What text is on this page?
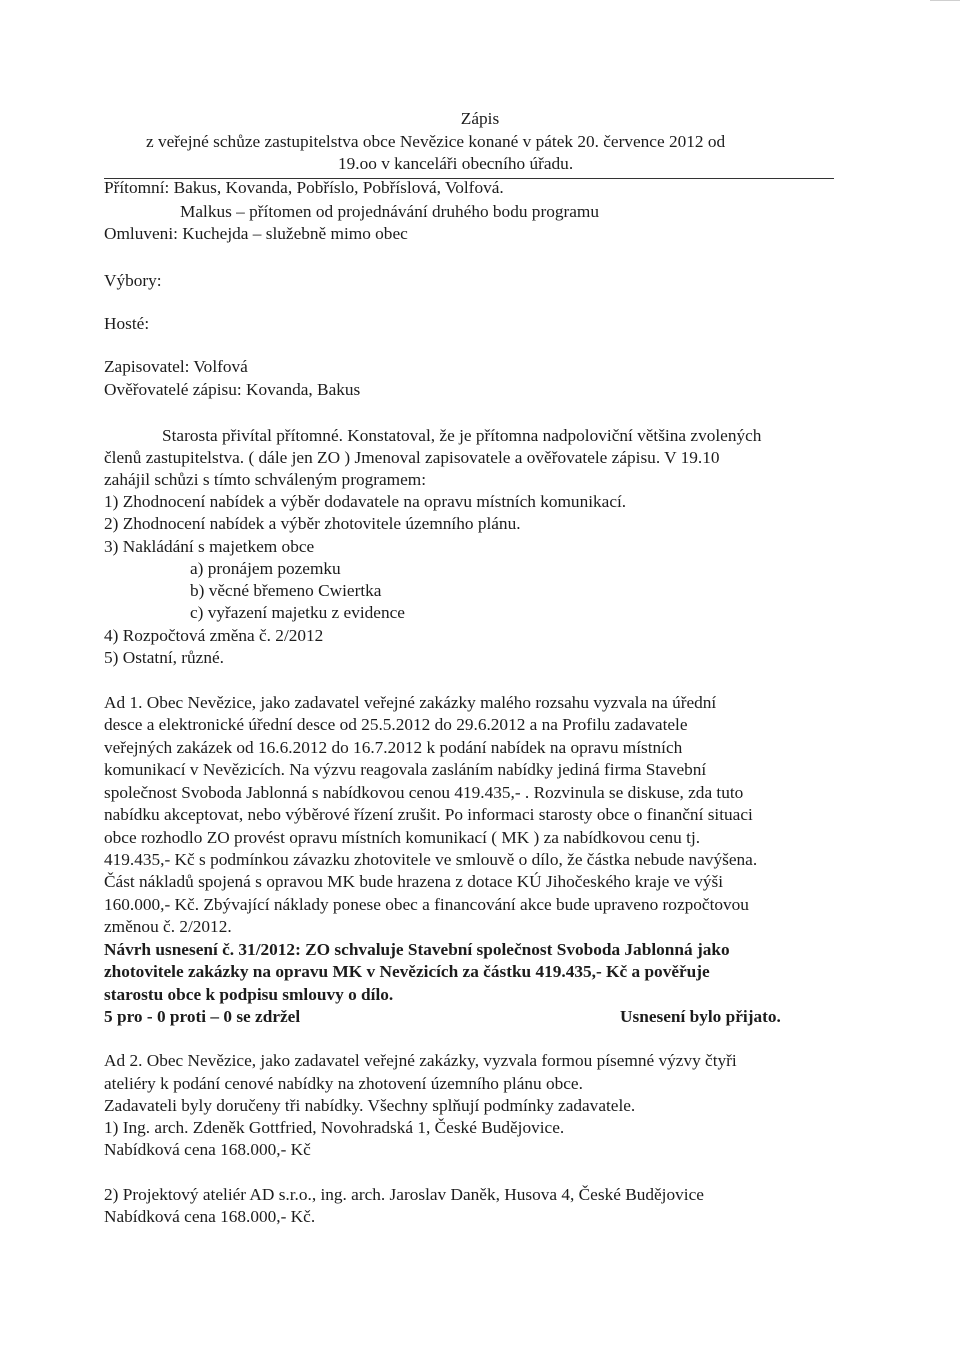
Zápis
z veřejné schůze zastupitelstva obce Nevězice konané v pátek 20. července 2012 od
19.oo v kanceláři obecního úřadu.
Přítomní: Bakus, Kovanda, Pobříslo, Pobříslová, Volfová.
Malkus – přítomen od projednávání druhého bodu programu
Omluveni: Kuchejda – služebně mimo obec
Výbory:
Hosté:
Zapisovatel: Volfová
Ověřovatelé zápisu: Kovanda, Bakus
Starosta přivítal přítomné. Konstatoval, že je přítomna nadpoloviční většina zvolených
členů zastupitelstva. ( dále jen ZO ) Jmenoval zapisovatele a ověřovatele zápisu. V 19.10
zahájil schůzi s tímto schváleným programem:
1) Zhodnocení nabídek a výběr dodavatele na opravu místních komunikací.
2) Zhodnocení nabídek a výběr zhotovitele územního plánu.
3) Nakládání s majetkem obce
a) pronájem pozemku
b) věcné břemeno Cwiertka
c) vyřazení majetku z evidence
4) Rozpočtová změna č. 2/2012
5) Ostatní, různé.
Ad 1. Obec Nevězice, jako zadavatel veřejné zakázky malého rozsahu vyzvala na úřední
desce a elektronické úřední desce od 25.5.2012 do 29.6.2012 a na Profilu zadavatele
veřejných zakázek od 16.6.2012 do 16.7.2012 k podání nabídek na opravu místních
komunikací v Nevězicích. Na výzvu reagovala zasláním nabídky jediná firma Stavební
společnost Svoboda Jablonná s nabídkovou cenou 419.435,- . Rozvinula se diskuse, zda tuto
nabídku akceptovat, nebo výběrové řízení zrušit. Po informaci starosty obce o finanční situaci
obce rozhodlo ZO provést opravu místních komunikací ( MK ) za nabídkovou cenu tj.
419.435,- Kč s podmínkou závazku zhotovitele ve smlouvě o dílo, že částka nebude navýšena.
Část nákladů spojená s opravou MK bude hrazena z dotace KÚ Jihočeského kraje ve výši
160.000,- Kč. Zbývající náklady ponese obec a financování akce bude upraveno rozpočtovou
změnou č. 2/2012.
Návrh usnesení č. 31/2012: ZO schvaluje Stavební společnost Svoboda Jablonná jako
zhotovitele zakázky na opravu MK v Nevězicích za částku 419.435,- Kč a pověřuje
starostu obce k podpisu smlouvy o dílo.
5 pro - 0 proti – 0 se zdržel	Usnesení bylo přijato.
Ad 2. Obec Nevězice, jako zadavatel veřejné zakázky, vyzvala formou písemné výzvy čtyři
ateliéry k podání cenové nabídky na zhotovení územního plánu obce.
Zadavateli byly doručeny tři nabídky. Všechny splňují podmínky zadavatele.
1) Ing. arch. Zdeněk Gottfried, Novohradská 1, České Budějovice.
Nabídková cena 168.000,- Kč
2) Projektový ateliér AD s.r.o., ing. arch. Jaroslav Daněk, Husova 4, České Budějovice
Nabídková cena 168.000,- Kč.
